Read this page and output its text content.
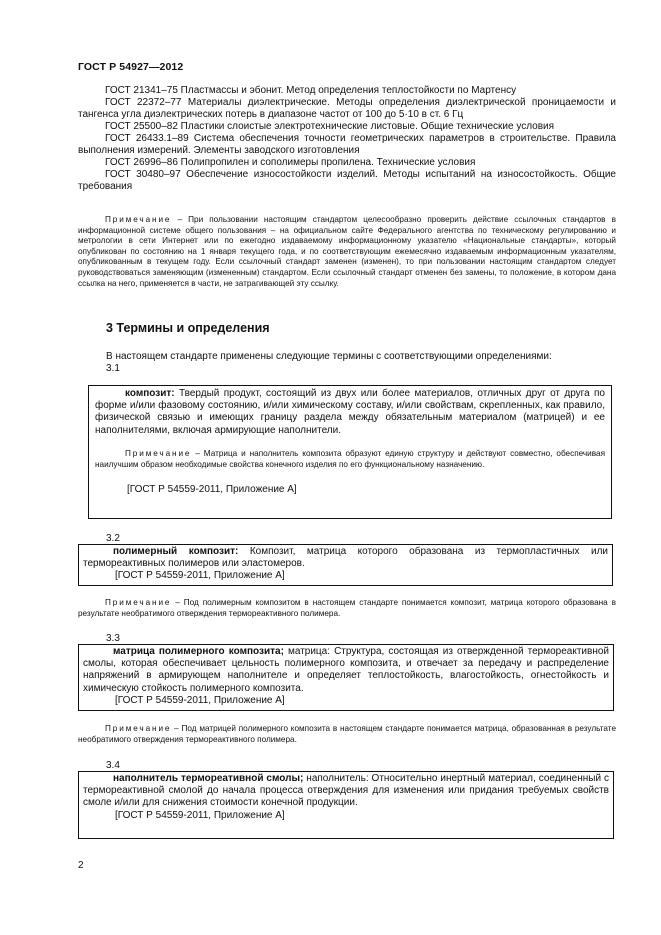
ГОСТ Р 54927—2012

ГОСТ 21341–75 Пластмассы и эбонит. Метод определения теплостойкости по Мартенсу

ГОСТ 22372–77 Материалы диэлектрические. Методы определения диэлектрической проницаемости и тангенса угла диэлектрических потерь в диапазоне частот от 100 до 5·10 в ст. 6 Гц

ГОСТ 25500–82 Пластики слоистые электротехнические листовые. Общие технические условия

ГОСТ 26433.1–89 Система обеспечения точности геометрических параметров в строительстве. Правила выполнения измерений. Элементы заводского изготовления

ГОСТ 26996–86 Полипропилен и сополимеры пропилена. Технические условия

ГОСТ 30480–97 Обеспечение износостойкости изделий. Методы испытаний на износостойкость. Общие требования

Примечание – При пользовании настоящим стандартом целесообразно проверить действие ссылочных стандартов в информационной системе общего пользования – на официальном сайте Федерального агентства по техническому регулированию и метрологии в сети Интернет или по ежегодно издаваемому информационному указателю «Национальные стандарты», который опубликован по состоянию на 1 января текущего года, и по соответствующим ежемесячно издаваемым информационным указателям, опубликованным в текущем году. Если ссылочный стандарт заменен (изменен), то при пользовании настоящим стандартом следует руководствоваться заменяющим (измененным) стандартом. Если ссылочный стандарт отменен без замены, то положение, в котором дана ссылка на него, применяется в части, не затрагивающей эту ссылку.
3 Термины и определения
В настоящем стандарте применены следующие термины с соответствующими определениями:
3.1

композит: Твердый продукт, состоящий из двух или более материалов, отличных друг от друга по форме и/или фазовому состоянию, и/или химическому составу, и/или свойствам, скрепленных, как правило, физической связью и имеющих границу раздела между обязательным материалом (матрицей) и ее наполнителями, включая армирующие наполнители.

Примечание – Матрица и наполнитель композита образуют единую структуру и действуют совместно, обеспечивая наилучшим образом необходимые свойства конечного изделия по его функциональному назначению.

[ГОСТ Р 54559-2011, Приложение А]

3.2

полимерный композит: Композит, матрица которого образована из термопластичных или термореактивных полимеров или эластомеров.

[ГОСТ Р 54559-2011, Приложение А]

Примечание – Под полимерным композитом в настоящем стандарте понимается композит, матрица которого образована в результате необратимого отверждения термореактивного полимера.
3.3

матрица полимерного композита; матрица: Структура, состоящая из отвержденной термореактивной смолы, которая обеспечивает цельность полимерного композита, и отвечает за передачу и распределение напряжений в армирующем наполнителе и определяет теплостойкость, влагостойкость, огнестойкость и химическую стойкость полимерного композита.

[ГОСТ Р 54559-2011, Приложение А]

Примечание – Под матрицей полимерного композита в настоящем стандарте понимается матрица, образованная в результате необратимого отверждения термореактивного полимера.
3.4

наполнитель термореативной смолы; наполнитель: Относительно инертный материал, соединенный с термореактивной смолой до начала процесса отверждения для изменения или придания требуемых свойств смоле и/или для снижения стоимости конечной продукции.

[ГОСТ Р 54559-2011, Приложение А]

2
